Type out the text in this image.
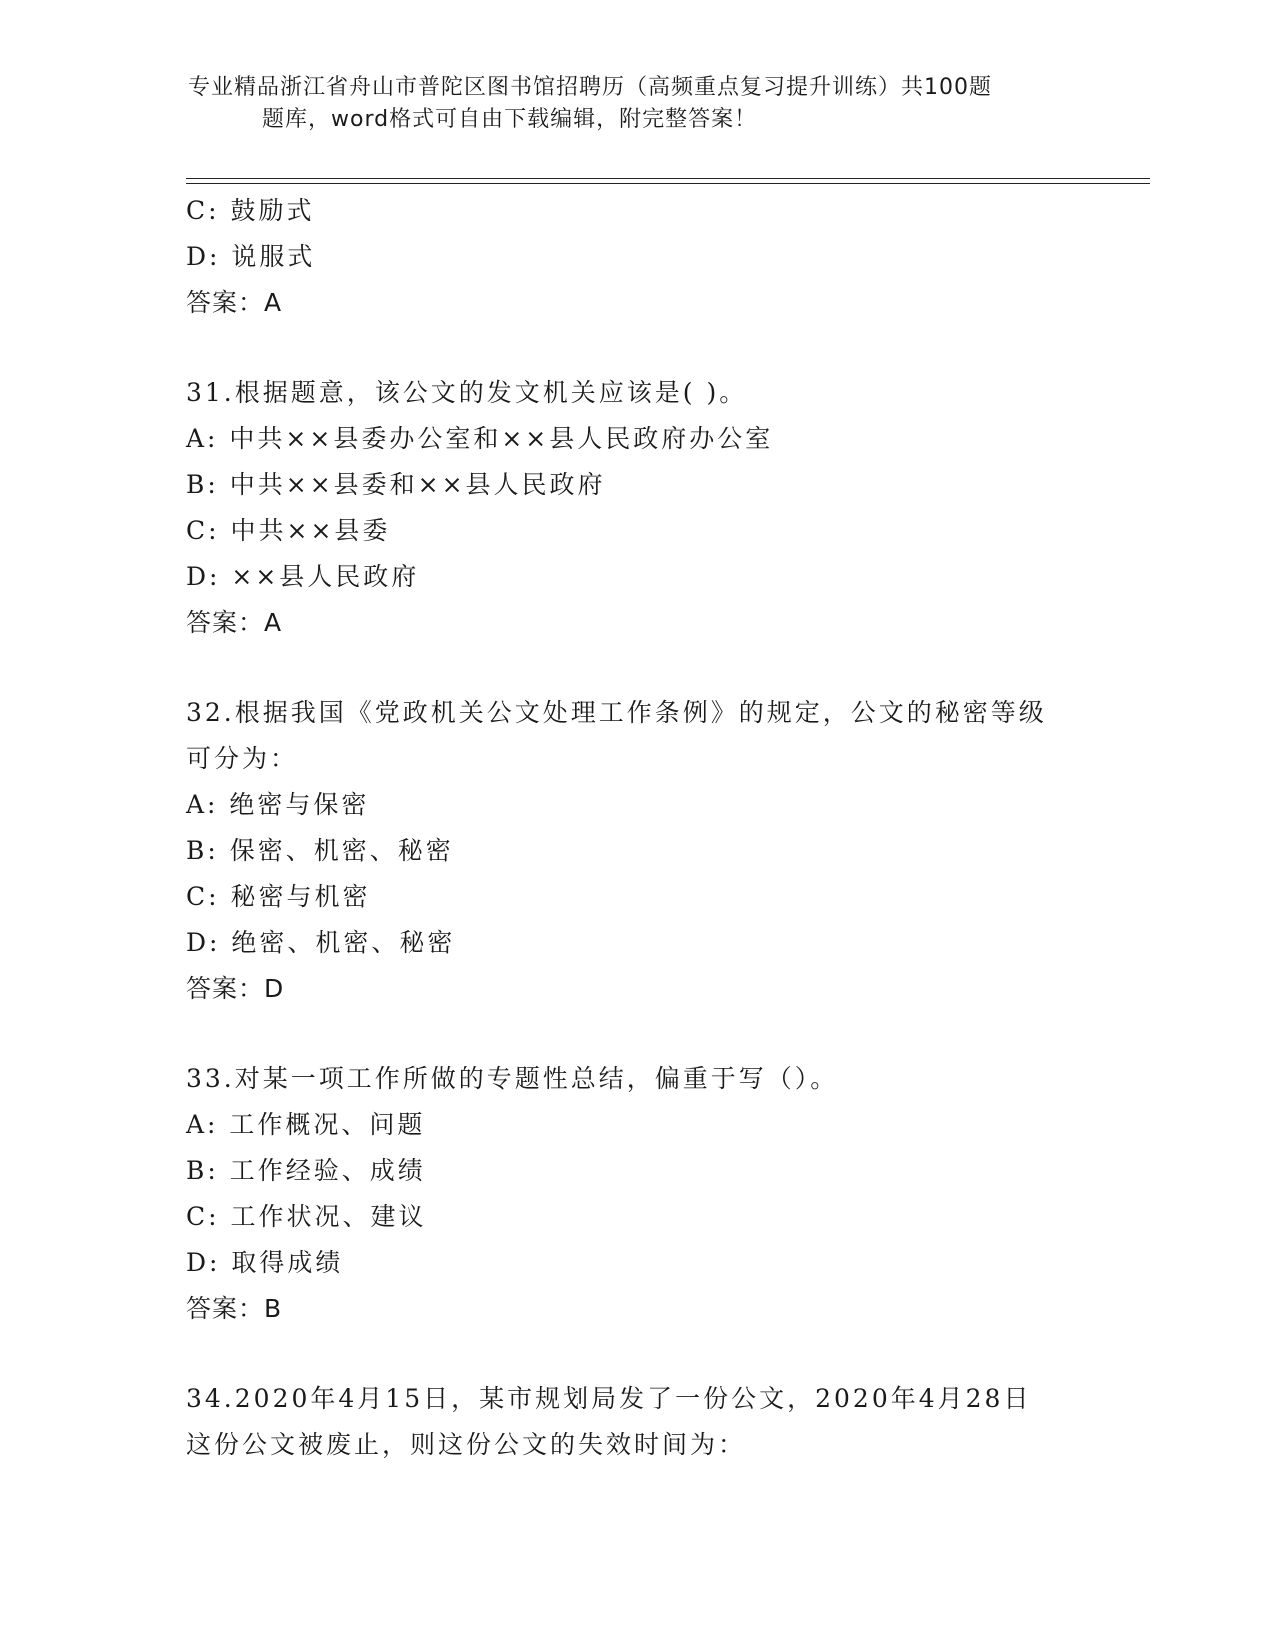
专业精品浙江省舟山市普陀区图书馆招聘历（高频重点复习提升训练）共100题
题库，word格式可自由下载编辑，附完整答案！
C: 鼓励式
D: 说服式
答案：A
31.根据题意，该公文的发文机关应该是( )。
A: 中共××县委办公室和××县人民政府办公室
B: 中共××县委和××县人民政府
C: 中共××县委
D: ××县人民政府
答案：A
32.根据我国《党政机关公文处理工作条例》的规定，公文的秘密等级
可分为：
A: 绝密与保密
B: 保密、机密、秘密
C: 秘密与机密
D: 绝密、机密、秘密
答案：D
33.对某一项工作所做的专题性总结，偏重于写（）。
A: 工作概况、问题
B: 工作经验、成绩
C: 工作状况、建议
D: 取得成绩
答案：B
34.2020年4月15日，某市规划局发了一份公文，2020年4月28日
这份公文被废止，则这份公文的失效时间为：
